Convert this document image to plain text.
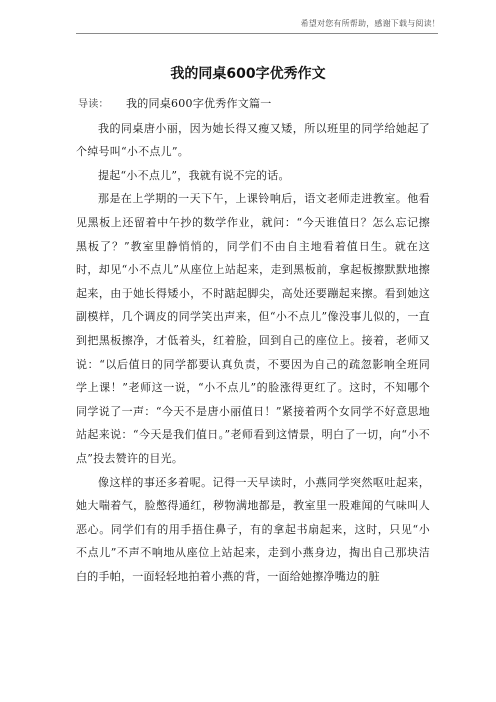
希望对您有所帮助，感谢下载与阅读！
我的同桌600字优秀作文

导读： 我的同桌600字优秀作文篇一

我的同桌唐小丽，因为她长得又瘦又矮，所以班里的同学给她起了个绰号叫“小不点儿”。

提起“小不点儿”，我就有说不完的话。

那是在上学期的一天下午，上课铃响后，语文老师走进教室。他看见黑板上还留着中午抄的数学作业，就问：“今天谁值日？怎么忘记擦黑板了？”教室里静悄悄的，同学们不由自主地看着值日生。就在这时，却见“小不点儿”从座位上站起来，走到黑板前，拿起板擦默默地擦起来，由于她长得矮小，不时踮起脚尖，高处还要蹦起来擦。看到她这副模样，几个调皮的同学笑出声来，但“小不点儿”像没事儿似的，一直到把黑板擦净，才低着头，红着脸，回到自己的座位上。接着，老师又说：“以后值日的同学都要认真负责，不要因为自己的疏忽影响全班同学上课！”老师这一说，“小不点儿”的脸涨得更红了。这时，不知哪个同学说了一声：“今天不是唐小丽值日！”紧接着两个女同学不好意思地站起来说：“今天是我们值日。”老师看到这情景，明白了一切，向“小不点”投去赞许的目光。

像这样的事还多着呢。记得一天早读时，小燕同学突然呕吐起来，她大喘着气，脸憋得通红，秽物满地都是，教室里一股难闻的气味叫人恶心。同学们有的用手捂住鼻子，有的拿起书扇起来，这时，只见“小不点儿”不声不响地从座位上站起来，走到小燕身边，掏出自己那块洁白的手帕，一面轻轻地拍着小燕的背，一面给她擦净嘴边的脏
